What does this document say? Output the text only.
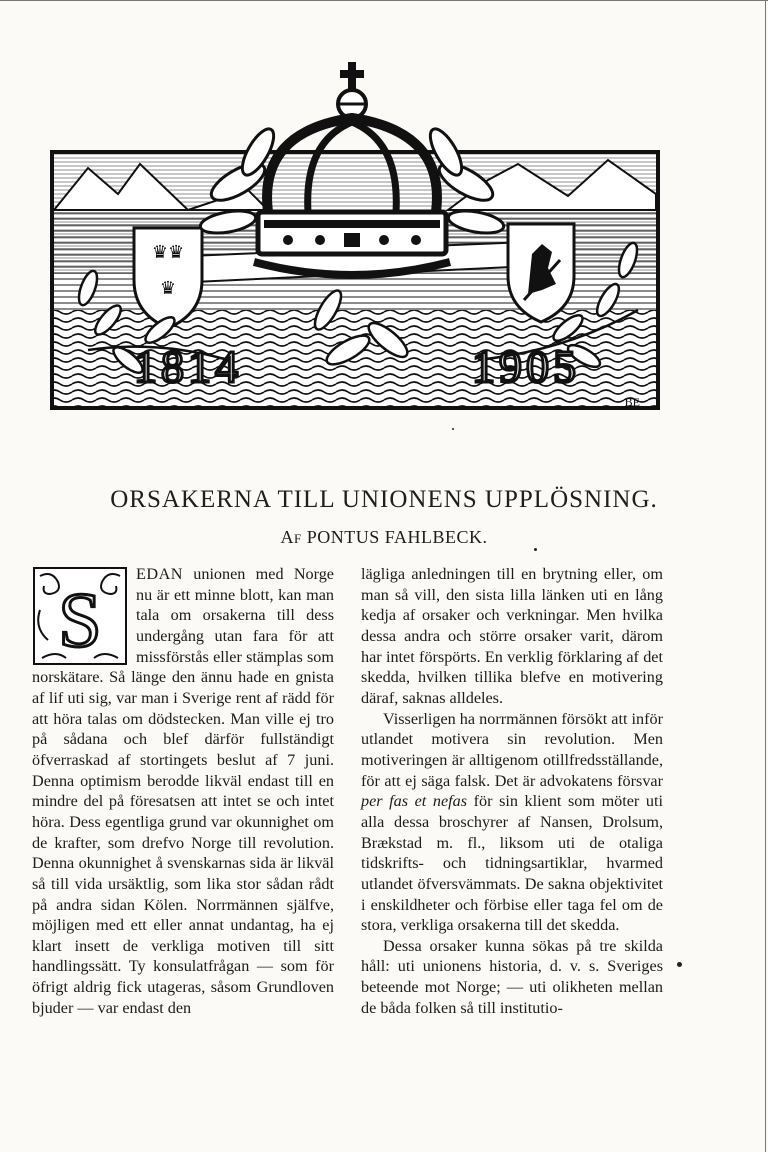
♛♛
♛
1814	1905
BE
ORSAKERNA TILL UNIONENS UPPLÖSNING.
Af PONTUS FAHLBECK.
S

EDAN unionen med Norge nu är ett minne blott, kan man tala om orsakerna till dess undergång utan fara för att missförstås eller stämplas som norskätare. Så länge den ännu hade en gnista af lif uti sig, var man i Sverige rent af rädd för att höra talas om dödstecken. Man ville ej tro på sådana och blef därför fullständigt öfverraskad af stortingets beslut af 7 juni. Denna optimism berodde likväl endast till en mindre del på föresatsen att intet se och intet höra. Dess egentliga grund var okunnighet om de krafter, som drefvo Norge till revolution. Denna okunnighet å svenskarnas sida är likväl så till vida ursäktlig, som lika stor sådan rådt på andra sidan Kölen. Norrmännen själfve, möjligen med ett eller annat undantag, ha ej klart insett de verkliga motiven till sitt handlingssätt. Ty konsulatfrågan — som för öfrigt aldrig fick utageras, såsom Grundloven bjuder — var endast den

lägliga anledningen till en brytning eller, om man så vill, den sista lilla länken uti en lång kedja af orsaker och verkningar. Men hvilka dessa andra och större orsaker varit, därom har intet förspörts. En verklig förklaring af det skedda, hvilken tillika blefve en motivering däraf, saknas alldeles.

Visserligen ha norrmännen försökt att inför utlandet motivera sin revolution. Men motiveringen är alltigenom otillfredsställande, för att ej säga falsk. Det är advokatens försvar per fas et nefas för sin klient som möter uti alla dessa broschyrer af Nansen, Drolsum, Brækstad m. fl., liksom uti de otaliga tidskrifts- och tidningsartiklar, hvarmed utlandet öfversvämmats. De sakna objektivitet i enskildheter och förbise eller taga fel om de stora, verkliga orsakerna till det skedda.

Dessa orsaker kunna sökas på tre skilda håll: uti unionens historia, d. v. s. Sveriges beteende mot Norge; — uti olikheten mellan de båda folken så till institutio-
